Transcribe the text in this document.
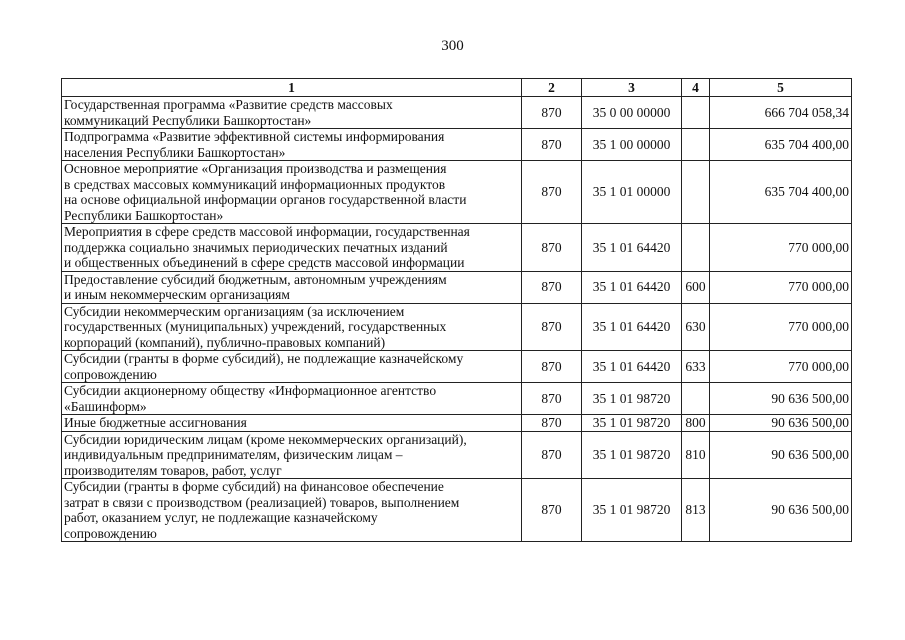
300
1	2	3	4	5
Государственная программа «Развитие средств массовых
коммуникаций Республики Башкортостан»	870	35 0 00 00000		666 704 058,34
Подпрограмма «Развитие эффективной системы информирования
населения Республики Башкортостан»	870	35 1 00 00000		635 704 400,00
Основное мероприятие «Организация производства и размещения
в средствах массовых коммуникаций информационных продуктов
на основе официальной информации органов государственной власти
Республики Башкортостан»	870	35 1 01 00000		635 704 400,00
Мероприятия в сфере средств массовой информации, государственная
поддержка социально значимых периодических печатных изданий
и общественных объединений в сфере средств массовой информации	870	35 1 01 64420		770 000,00
Предоставление субсидий бюджетным, автономным учреждениям
и иным некоммерческим организациям	870	35 1 01 64420	600	770 000,00
Субсидии некоммерческим организациям (за исключением
государственных (муниципальных) учреждений, государственных
корпораций (компаний), публично-правовых компаний)	870	35 1 01 64420	630	770 000,00
Субсидии (гранты в форме субсидий), не подлежащие казначейскому
сопровождению	870	35 1 01 64420	633	770 000,00
Субсидии акционерному обществу «Информационное агентство
«Башинформ»	870	35 1 01 98720		90 636 500,00
Иные бюджетные ассигнования	870	35 1 01 98720	800	90 636 500,00
Субсидии юридическим лицам (кроме некоммерческих организаций),
индивидуальным предпринимателям, физическим лицам –
производителям товаров, работ, услуг	870	35 1 01 98720	810	90 636 500,00
Субсидии (гранты в форме субсидий) на финансовое обеспечение
затрат в связи с производством (реализацией) товаров, выполнением
работ, оказанием услуг, не подлежащие казначейскому
сопровождению	870	35 1 01 98720	813	90 636 500,00
